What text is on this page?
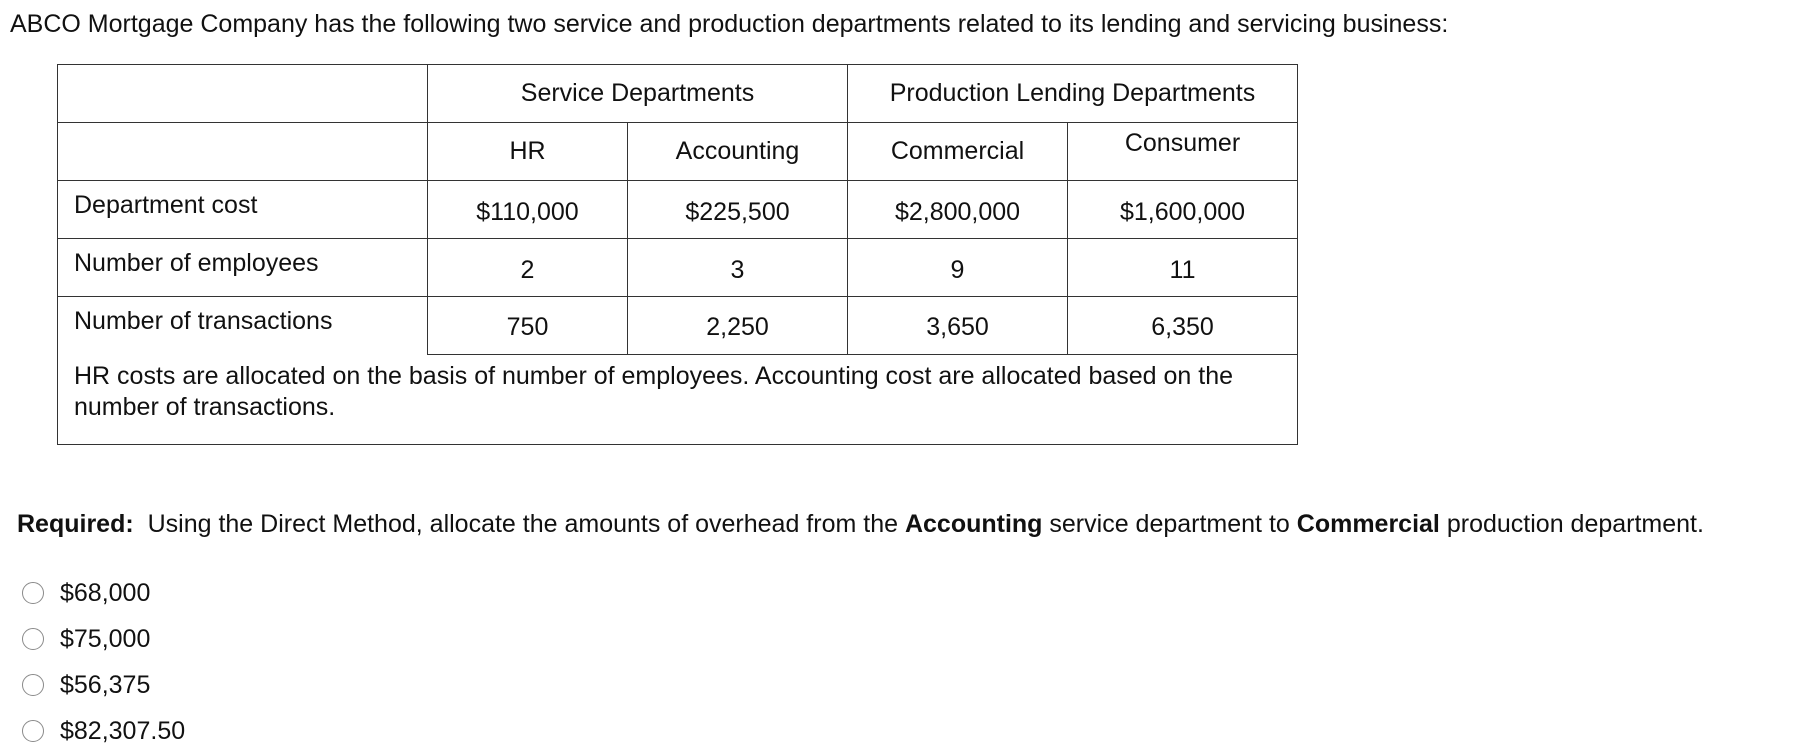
ABCO Mortgage Company has the following two service and production departments related to its lending and servicing business:
	Service Departments		Production Lending Departments	
	HR	Accounting	Commercial	Consumer
Department cost	$110,000	$225,500	$2,800,000	$1,600,000
Number of employees	2	3	9	11
Number of transactions	750	2,250	3,650	6,350
HR costs are allocated on the basis of number of employees. Accounting cost are allocated based on the number of transactions.				
Required: Using the Direct Method, allocate the amounts of overhead from the Accounting service department to Commercial production department.
$68,000
$75,000
$56,375
$82,307.50
